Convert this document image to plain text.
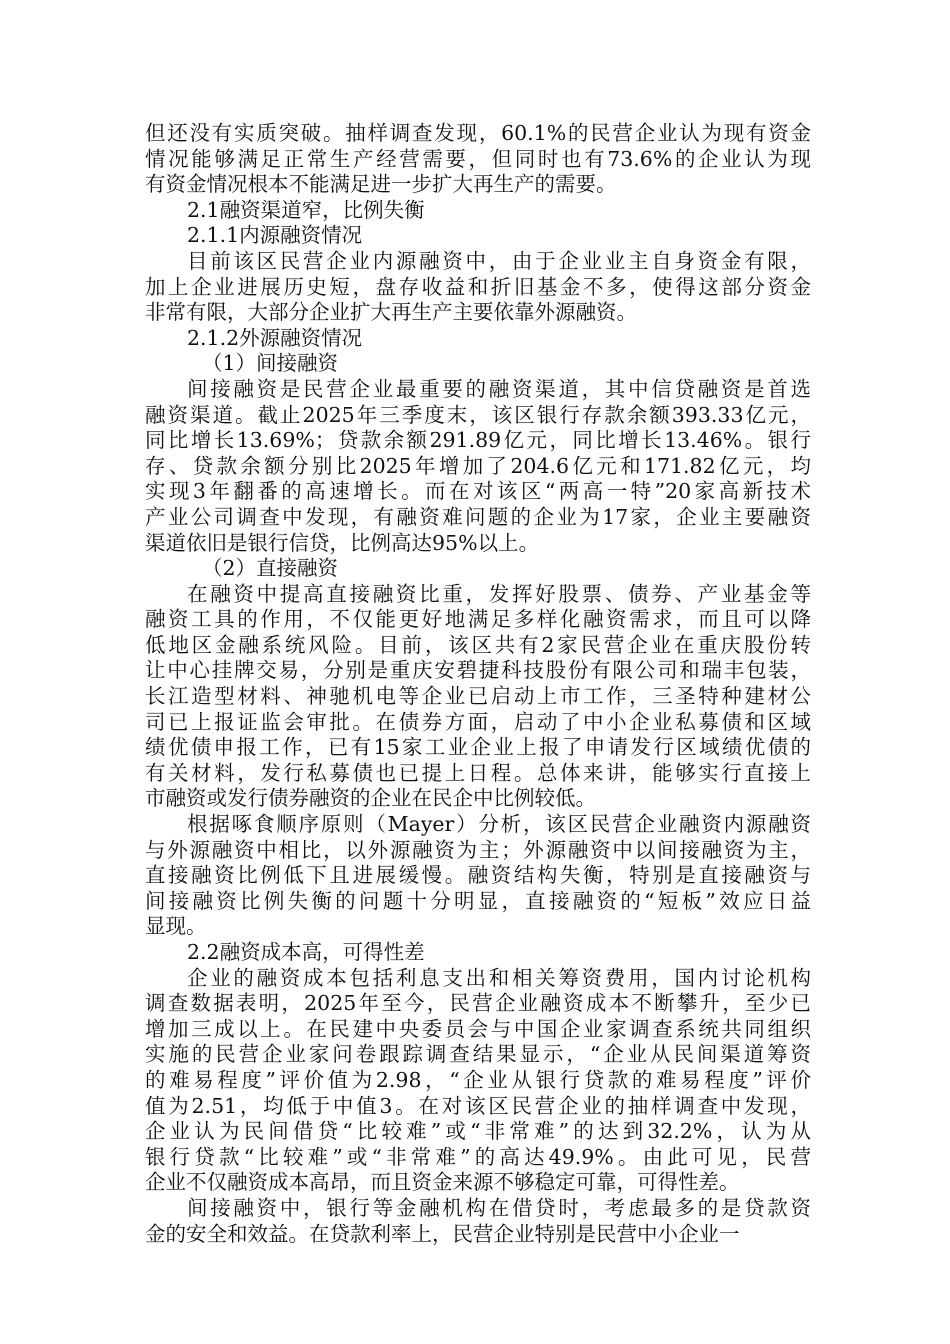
但还没有实质突破。抽样调查发现，60.1%的民营企业认为现有资金
情况能够满足正常生产经营需要，但同时也有73.6%的企业认为现
有资金情况根本不能满足进一步扩大再生产的需要。
2.1融资渠道窄，比例失衡
2.1.1内源融资情况
目前该区民营企业内源融资中，由于企业业主自身资金有限，
加上企业进展历史短，盘存收益和折旧基金不多，使得这部分资金
非常有限，大部分企业扩大再生产主要依靠外源融资。
2.1.2外源融资情况
（1）间接融资
间接融资是民营企业最重要的融资渠道，其中信贷融资是首选
融资渠道。截止2025年三季度末，该区银行存款余额393.33亿元，
同比增长13.69%；贷款余额291.89亿元，同比增长13.46%。银行
存、贷款余额分别比2025年增加了204.6亿元和171.82亿元，均
实现3年翻番的高速增长。而在对该区“两高一特”20家高新技术
产业公司调查中发现，有融资难问题的企业为17家，企业主要融资
渠道依旧是银行信贷，比例高达95%以上。
（2）直接融资
在融资中提高直接融资比重，发挥好股票、债券、产业基金等
融资工具的作用，不仅能更好地满足多样化融资需求，而且可以降
低地区金融系统风险。目前，该区共有2家民营企业在重庆股份转
让中心挂牌交易，分别是重庆安碧捷科技股份有限公司和瑞丰包装，
长江造型材料、神驰机电等企业已启动上市工作，三圣特种建材公
司已上报证监会审批。在债券方面，启动了中小企业私募债和区域
绩优债申报工作，已有15家工业企业上报了申请发行区域绩优债的
有关材料，发行私募债也已提上日程。总体来讲，能够实行直接上
市融资或发行债券融资的企业在民企中比例较低。
根据啄食顺序原则（Mayer）分析，该区民营企业融资内源融资
与外源融资中相比，以外源融资为主；外源融资中以间接融资为主，
直接融资比例低下且进展缓慢。融资结构失衡，特别是直接融资与
间接融资比例失衡的问题十分明显，直接融资的“短板”效应日益
显现。
2.2融资成本高，可得性差
企业的融资成本包括利息支出和相关筹资费用，国内讨论机构
调查数据表明，2025年至今，民营企业融资成本不断攀升，至少已
增加三成以上。在民建中央委员会与中国企业家调查系统共同组织
实施的民营企业家问卷跟踪调查结果显示，“企业从民间渠道筹资
的难易程度”评价值为2.98，“企业从银行贷款的难易程度”评价
值为2.51，均低于中值3。在对该区民营企业的抽样调查中发现，
企业认为民间借贷“比较难”或“非常难”的达到32.2%，认为从
银行贷款“比较难”或“非常难”的高达49.9%。由此可见，民营
企业不仅融资成本高昂，而且资金来源不够稳定可靠，可得性差。
间接融资中，银行等金融机构在借贷时，考虑最多的是贷款资
金的安全和效益。在贷款利率上，民营企业特别是民营中小企业一
